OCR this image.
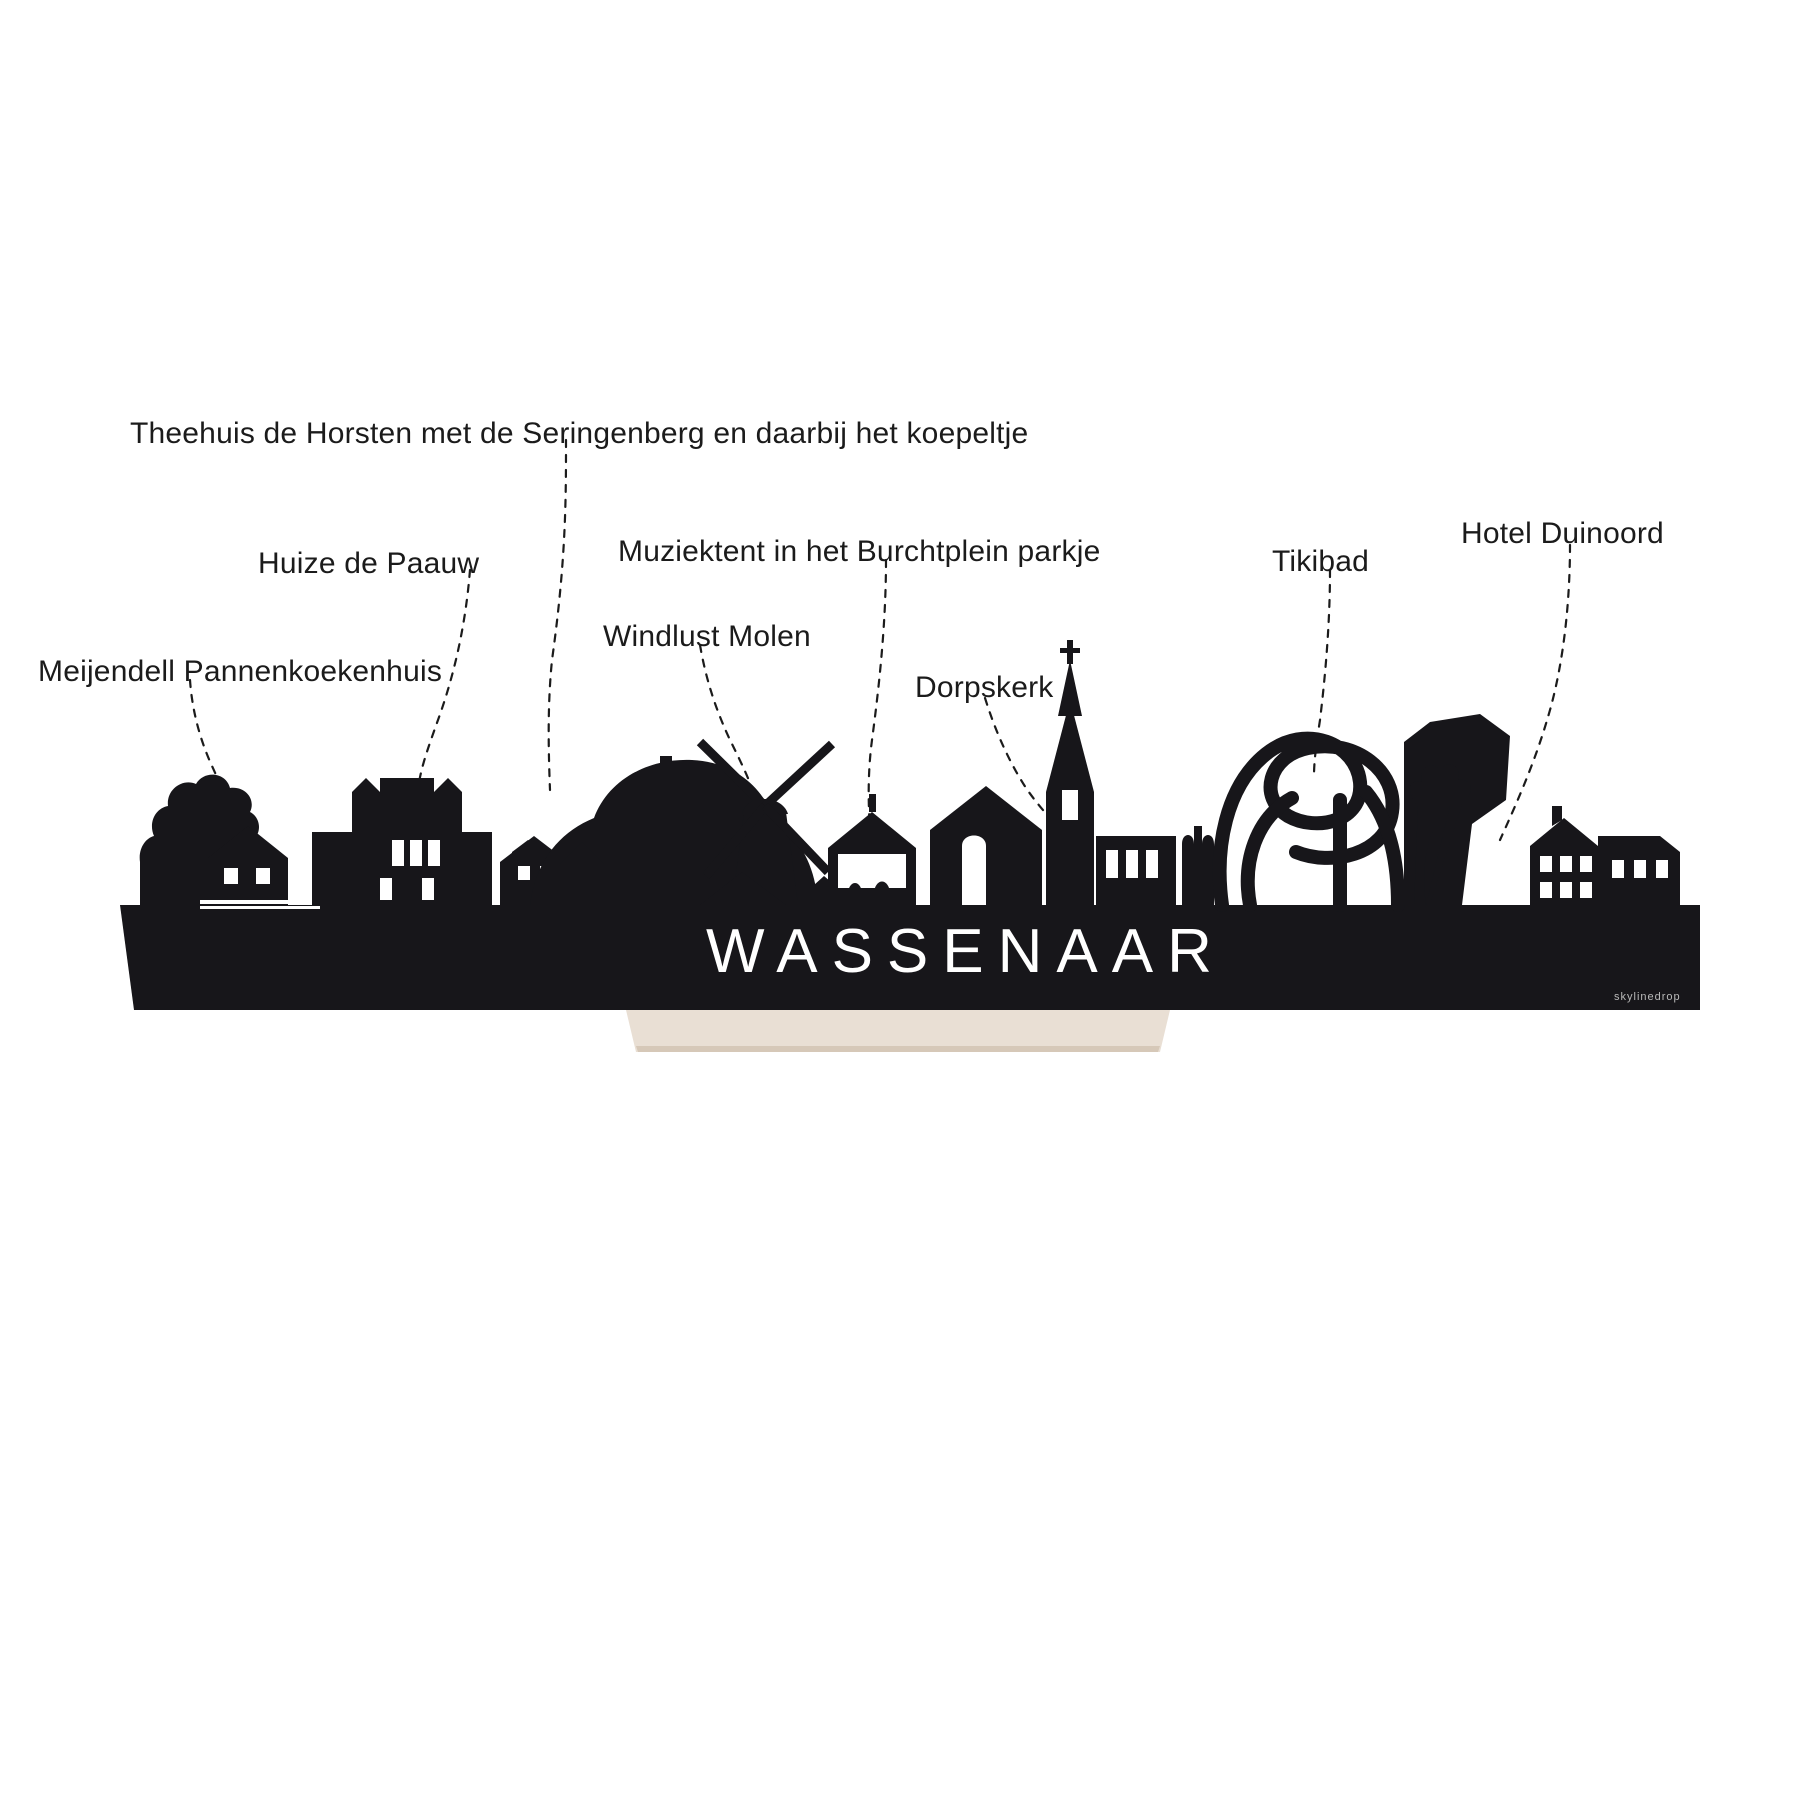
WASSENAAR
skylinedrop
Theehuis de Horsten met de Seringenberg en daarbij het koepeltje
Huize de Paauw	Muziektent in het Burchtplein parkje	Tikibad
Hotel Duinoord
Windlust Molen
Dorpskerk
Meijendell Pannenkoekenhuis
